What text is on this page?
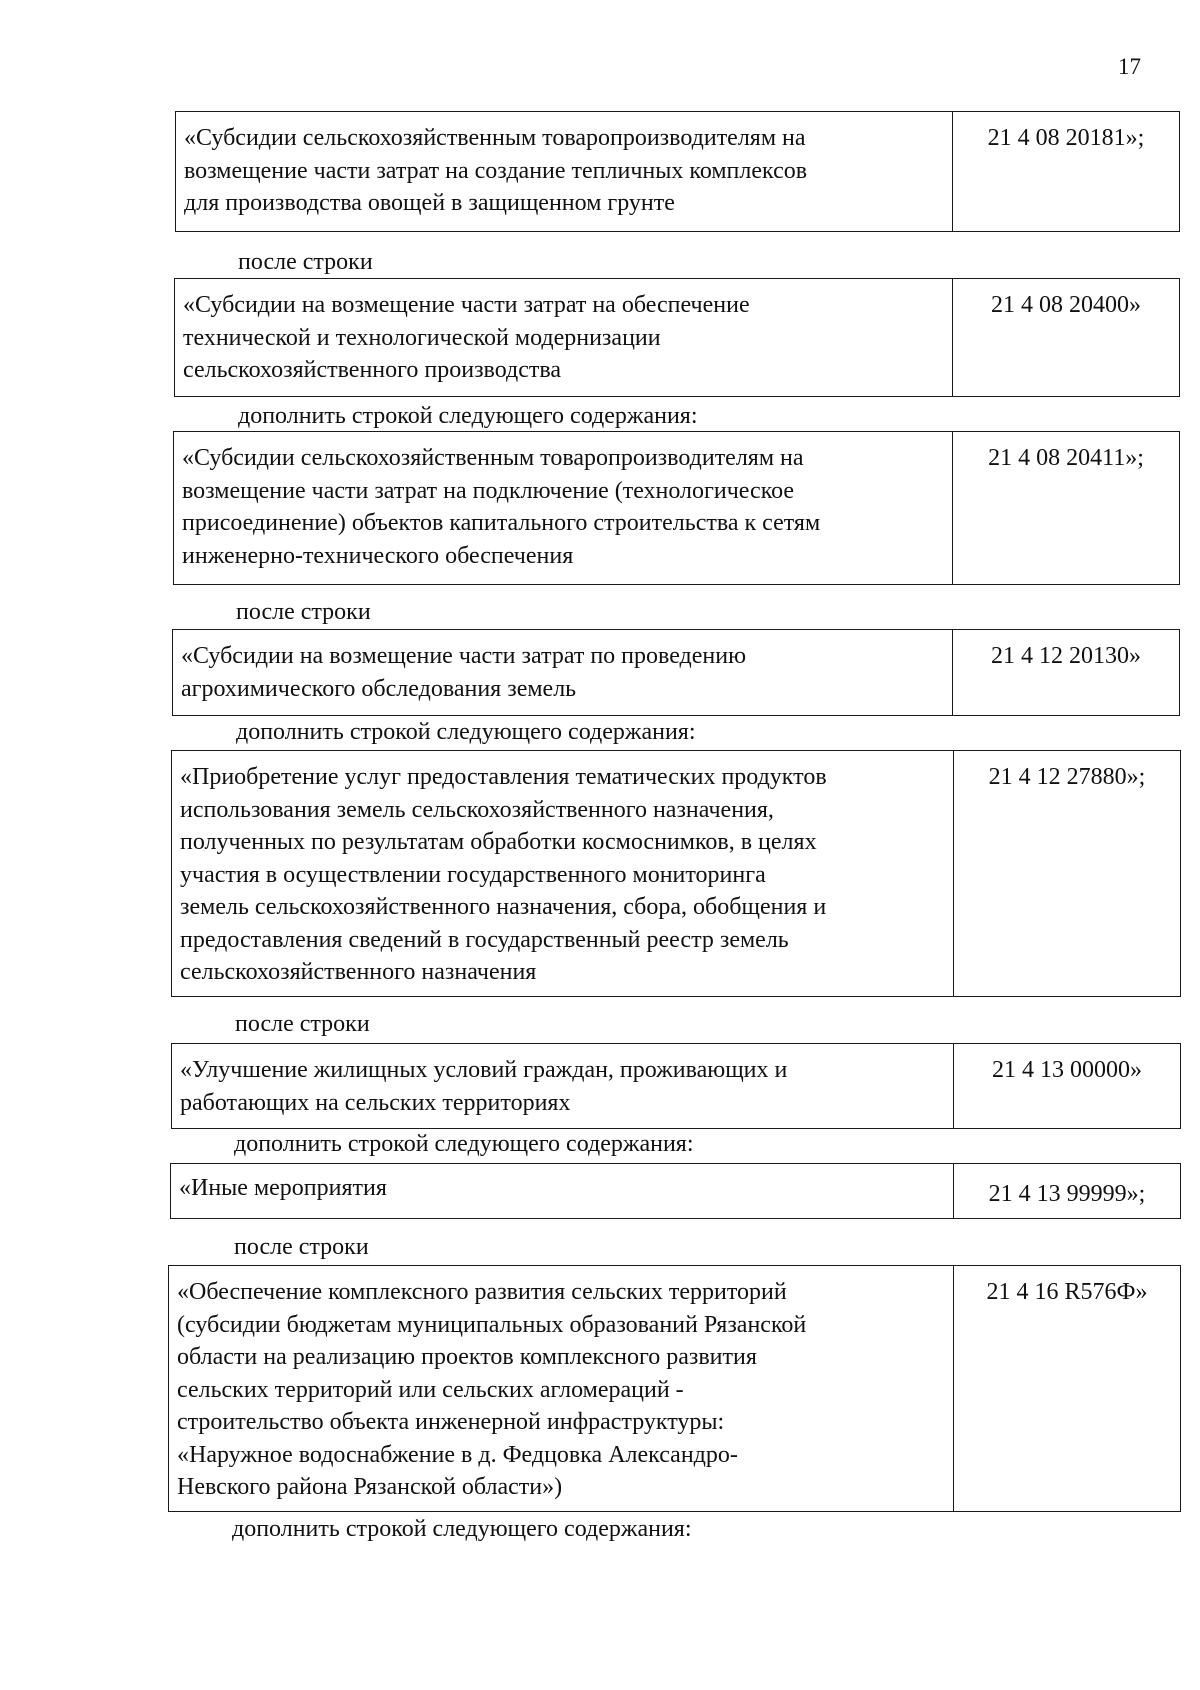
17
«Субсидии сельскохозяйственным товаропроизводителям на
возмещение части затрат на создание тепличных комплексов
для производства овощей в защищенном грунте
21 4 08 20181»;
после строки
«Субсидии на возмещение части затрат на обеспечение
технической и технологической модернизации
сельскохозяйственного производства
21 4 08 20400»
дополнить строкой следующего содержания:
«Субсидии сельскохозяйственным товаропроизводителям на
возмещение части затрат на подключение (технологическое
присоединение) объектов капитального строительства к сетям
инженерно-технического обеспечения
21 4 08 20411»;
после строки
«Субсидии на возмещение части затрат по проведению
агрохимического обследования земель
21 4 12 20130»
дополнить строкой следующего содержания:
«Приобретение услуг предоставления тематических продуктов
использования земель сельскохозяйственного назначения,
полученных по результатам обработки космоснимков, в целях
участия в осуществлении государственного мониторинга
земель сельскохозяйственного назначения, сбора, обобщения и
предоставления сведений в государственный реестр земель
сельскохозяйственного назначения
21 4 12 27880»;
после строки
«Улучшение жилищных условий граждан, проживающих и
работающих на сельских территориях
21 4 13 00000»
дополнить строкой следующего содержания:
«Иные мероприятия	21 4 13 99999»;
после строки
«Обеспечение комплексного развития сельских территорий
(субсидии бюджетам муниципальных образований Рязанской
области на реализацию проектов комплексного развития
сельских территорий или сельских агломераций -
строительство объекта инженерной инфраструктуры:
«Наружное водоснабжение в д. Федцовка Александро-
Невского района Рязанской области»)
21 4 16 R576Ф»
дополнить строкой следующего содержания:
